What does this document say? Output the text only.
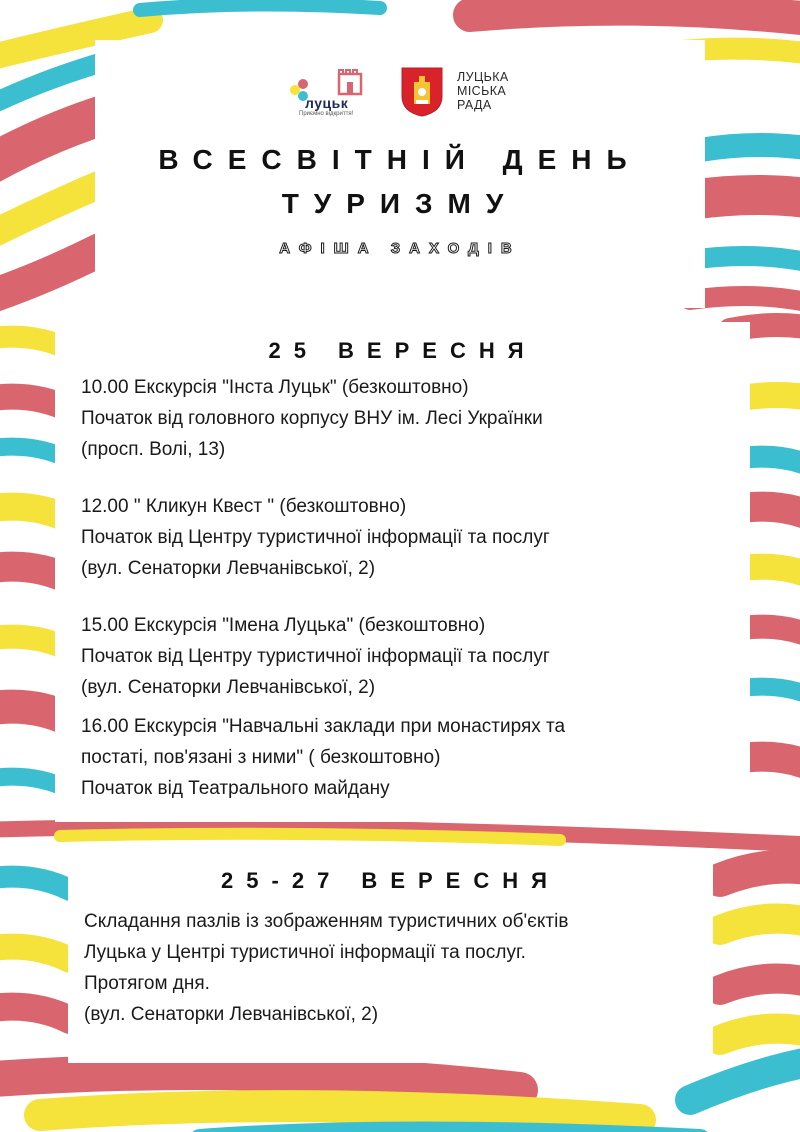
луцьк
Приємно відкриття!
ЛУЦЬКА
МІСЬКА
РАДА
ВСЕСВІТНІЙ ДЕНЬ
ТУРИЗМУ
АФІША ЗАХОДІВ
25 ВЕРЕСНЯ
10.00 Екскурсія "Інста Луцьк" (безкоштовно)
Початок від головного корпусу ВНУ ім. Лесі Українки
(просп. Волі, 13)
12.00 " Кликун Квест " (безкоштовно)
Початок від Центру туристичної інформації та послуг
(вул. Сенаторки Левчанівської, 2)
15.00 Екскурсія "Імена Луцька" (безкоштовно)
Початок від Центру туристичної інформації та послуг
(вул. Сенаторки Левчанівської, 2)
16.00 Екскурсія "Навчальні заклади при монастирях та
постаті, пов'язані з ними" ( безкоштовно)
Початок від Театрального майдану
25-27 ВЕРЕСНЯ
Складання пазлів із зображенням туристичних об'єктів
Луцька у Центрі туристичної інформації та послуг.
Протягом дня.
(вул. Сенаторки Левчанівської, 2)
